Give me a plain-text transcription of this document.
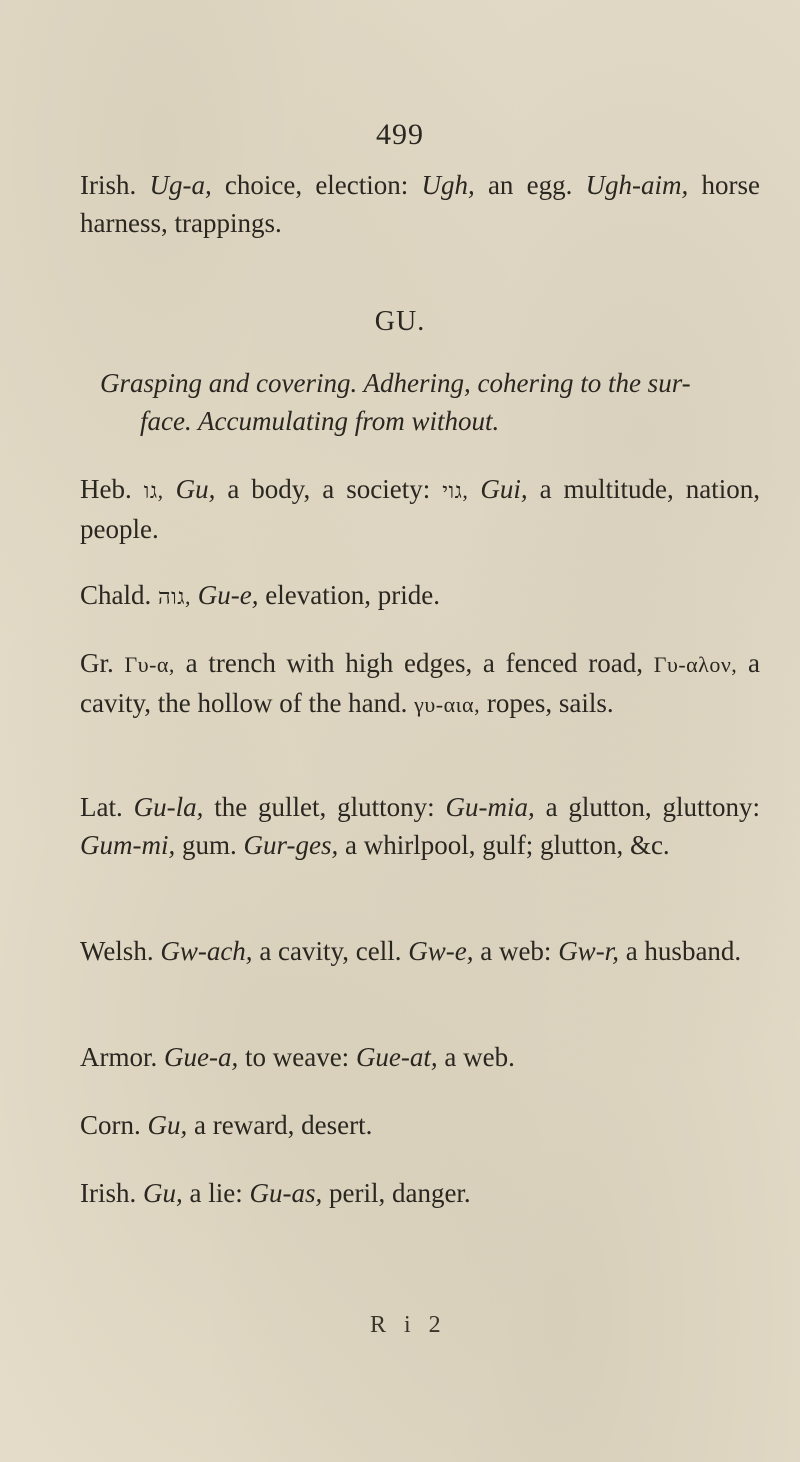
499
Irish. Ug-a, choice, election: Ugh, an egg. Ugh-aim, horse harness, trappings.
GU.
Grasping and covering. Adhering, cohering to the sur-
face. Accumulating from without.
Heb. גו, Gu, a body, a society: גוי, Gui, a multitude, nation, people.
Chald. גוה, Gu-e, elevation, pride.
Gr. Γυ-α, a trench with high edges, a fenced road, Γυ-αλον, a cavity, the hollow of the hand. γυ-αια, ropes, sails.
Lat. Gu-la, the gullet, gluttony: Gu-mia, a glutton, gluttony: Gum-mi, gum. Gur-ges, a whirlpool, gulf; glutton, &c.
Welsh. Gw-ach, a cavity, cell. Gw-e, a web: Gw-r, a husband.
Armor. Gue-a, to weave: Gue-at, a web.
Corn. Gu, a reward, desert.
Irish. Gu, a lie: Gu-as, peril, danger.
R i 2
